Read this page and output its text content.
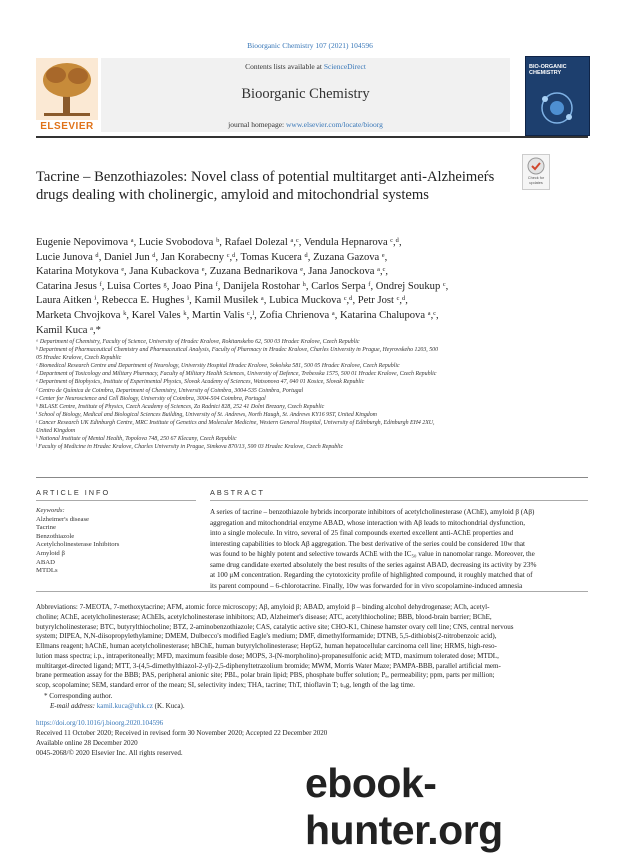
Bioorganic Chemistry 107 (2021) 104596
ELSEVIER
Contents lists available at ScienceDirect
Bioorganic Chemistry
journal homepage: www.elsevier.com/locate/bioorg
BIO-ORGANIC CHEMISTRY
Tacrine – Benzothiazoles: Novel class of potential multitarget anti-Alzheimeŕs drugs dealing with cholinergic, amyloid and mitochondrial systems
Check for updates
Eugenie Nepovimova ᵃ, Lucie Svobodova ᵇ, Rafael Dolezal ᵃ,ᶜ, Vendula Hepnarova ᶜ,ᵈ,
Lucie Junova ᵈ, Daniel Jun ᵈ, Jan Korabecny ᶜ,ᵈ, Tomas Kucera ᵈ, Zuzana Gazova ᵉ,
Katarina Motykova ᵉ, Jana Kubackova ᵉ, Zuzana Bednarikova ᵉ, Jana Janockova ᵃ,ᶜ,
Catarina Jesus ᶠ, Luisa Cortes ᵍ, Joao Pina ᶠ, Danijela Rostohar ʰ, Carlos Serpa ᶠ, Ondrej Soukup ᶜ,
Laura Aitken ⁱ, Rebecca E. Hughes ⁱ, Kamil Musilek ᵃ, Lubica Muckova ᶜ,ᵈ, Petr Jost ᶜ,ᵈ,
Marketa Chvojkova ᵏ, Karel Vales ᵏ, Martin Valis ᶜ,ˡ, Zofia Chrienova ᵃ, Katarina Chalupova ᵃ,ᶜ,
Kamil Kuca ᵃ,*
ᵃ Department of Chemistry, Faculty of Science, University of Hradec Kralove, Rokitanskeho 62, 500 03 Hradec Kralove, Czech Republic
ᵇ Department of Pharmaceutical Chemistry and Pharmaceutical Analysis, Faculty of Pharmacy in Hradec Kralove, Charles University in Prague, Heyrovskeho 1203, 500
05 Hradec Kralove, Czech Republic
ᶜ Biomedical Research Centre and Department of Neurology, University Hospital Hradec Kralove, Sokolska 581, 500 05 Hradec Kralove, Czech Republic
ᵈ Department of Toxicology and Military Pharmacy, Faculty of Military Health Sciences, University of Defence, Trebesska 1575, 500 01 Hradec Kralove, Czech Republic
ᵉ Department of Biophysics, Institute of Experimental Physics, Slovak Academy of Sciences, Watsonova 47, 040 01 Kosice, Slovak Republic
ᶠ Centro de Química de Coimbra, Department of Chemistry, University of Coimbra, 3004-535 Coimbra, Portugal
ᵍ Center for Neuroscience and Cell Biology, University of Coimbra, 3004-504 Coimbra, Portugal
ʰ BiLASE Centre, Institute of Physics, Czech Academy of Sciences, Za Radnici 828, 252 41 Dolni Brezany, Czech Republic
ⁱ School of Biology, Medical and Biological Sciences Building, University of St. Andrews, North Haugh, St. Andrews KY16 9ST, United Kingdom
ʲ Cancer Research UK Edinburgh Centre, MRC Institute of Genetics and Molecular Medicine, Western General Hospital, University of Edinburgh, Edinburgh EH4 2XU,
United Kingdom
ᵏ National Institute of Mental Health, Topolova 748, 250 67 Klecany, Czech Republic
ˡ Faculty of Medicine in Hradec Kralove, Charles University in Prague, Simkova 870/13, 500 03 Hradec Kralove, Czech Republic
ARTICLE INFO	ABSTRACT
Keywords:
Alzheimer's disease
Tacrine
Benzothiazole
Acetylcholinesterase Inhibitors
Amyloid β
ABAD
MTDLs
A series of tacrine – benzothiazole hybrids incorporate inhibitors of acetylcholinesterase (AChE), amyloid β (Aβ)
aggregation and mitochondrial enzyme ABAD, whose interaction with Aβ leads to mitochondrial dysfunction,
into a single molecule. In vitro, several of 25 final compounds exerted excellent anti-AChE properties and
interesting capabilities to block Aβ aggregation. The best derivative of the series could be considered 10w that
was found to be highly potent and selective towards AChE with the IC₅₀ value in nanomolar range. Moreover, the
same drug candidate exerted absolutely the best results of the series against ABAD, decreasing its activity by 23%
at 100 μM concentration. Regarding the cytotoxicity profile of highlighted compound, it roughly matched that of
its parent compound – 6-chlorotacrine. Finally, 10w was forwarded for in vivo scopolamine-induced amnesia
Abbreviations: 7-MEOTA, 7-methoxytacrine; AFM, atomic force microscopy; Aβ, amyloid β; ABAD, amyloid β – binding alcohol dehydrogenase; ACh, acetyl-
choline; AChE, acetylcholinesterase; AChEIs, acetylcholinesterase inhibitors; AD, Alzheimer's disease; ATC, acetylthiocholine; BBB, blood-brain barrier; BChE,
butyrylcholinesterase; BTC, butyrylthiocholine; BTZ, 2-aminobenzothiazole; CAS, catalytic active site; CHO-K1, Chinese hamster ovary cell line; CNS, central nervous
system; DIPEA, N,N-diisopropylethylamine; DMEM, Dulbecco's modified Eagle's medium; DMF, dimethylformamide; DTNB, 5,5-dithiobis(2-nitrobenzoic acid),
Ellmans reagent; hAChE, human acetylcholinesterase; hBChE, human butyrylcholinesterase; HepG2, human hepatocellular carcinoma cell line; HRMS, high-reso-
lution mass spectra; i.p., intraperitoneally; MFD, maximum feasible dose; MOPS, 3-(N-morpholino)-propanesulfonic acid; MTD, maximum tolerated dose; MTDL,
multitarget-directed ligand; MTT, 3-(4,5-dimethylthiazol-2-yl)-2,5-diphenyltetrazolium bromide; MWM, Morris Water Maze; PAMPA-BBB, parallel artificial mem-
brane permeation assay for the BBB; PAS, peripheral anionic site; PBL, polar brain lipid; PBS, phosphate buffer solution; Pₑ, permeability; ppm, parts per million;
scop, scopolamine; SEM, standard error of the mean; SI, selectivity index; THA, tacrine; ThT, thioflavin T; tₗₐg, length of the lag time.
* Corresponding author.
E-mail address: kamil.kuca@uhk.cz (K. Kuca).
https://doi.org/10.1016/j.bioorg.2020.104596
Received 11 October 2020; Received in revised form 30 November 2020; Accepted 22 December 2020
Available online 28 December 2020
0045-2068/© 2020 Elsevier Inc. All rights reserved.
ebook-hunter.org
